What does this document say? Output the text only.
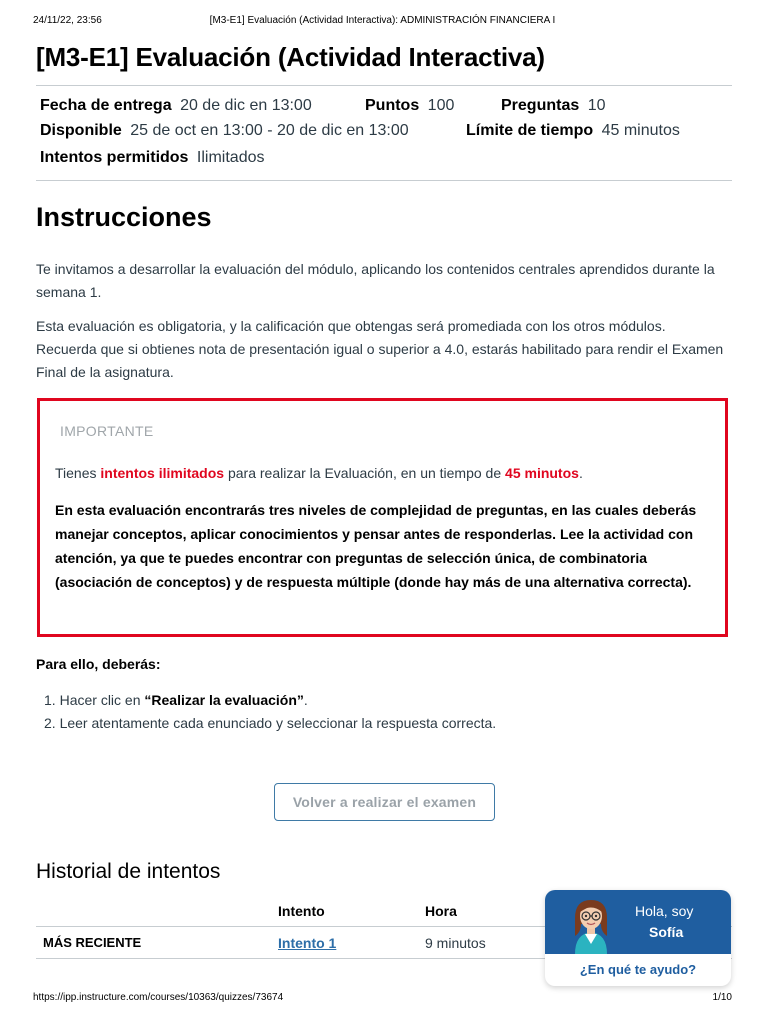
24/11/22, 23:56	[M3-E1] Evaluación (Actividad Interactiva): ADMINISTRACIÓN FINANCIERA I
[M3-E1] Evaluación (Actividad Interactiva)
Fecha de entrega 20 de dic en 13:00	Puntos 100	Preguntas 10
Disponible 25 de oct en 13:00 - 20 de dic en 13:00	Límite de tiempo 45 minutos
Intentos permitidos Ilimitados
Instrucciones

Te invitamos a desarrollar la evaluación del módulo, aplicando los contenidos centrales aprendidos durante la semana 1.

Esta evaluación es obligatoria, y la calificación que obtengas será promediada con los otros módulos. Recuerda que si obtienes nota de presentación igual o superior a 4.0, estarás habilitado para rendir el Examen Final de la asignatura.

IMPORTANTE
Tienes intentos ilimitados para realizar la Evaluación, en un tiempo de 45 minutos.

En esta evaluación encontrarás tres niveles de complejidad de preguntas, en las cuales deberás manejar conceptos, aplicar conocimientos y pensar antes de responderlas. Lee la actividad con atención, ya que te puedes encontrar con preguntas de selección única, de combinatoria (asociación de conceptos) y de respuesta múltiple (donde hay más de una alternativa correcta).

Para ello, deberás:

1. Hacer clic en “Realizar la evaluación”.
2. Leer atentamente cada enunciado y seleccionar la respuesta correcta.
Volver a realizar el examen
Historial de intentos
	Intento	Hora
MÁS RECIENTE	Intento 1	9 minutos
Hola, soy
Sofía
¿En qué te ayudo?
https://ipp.instructure.com/courses/10363/quizzes/73674	1/10
